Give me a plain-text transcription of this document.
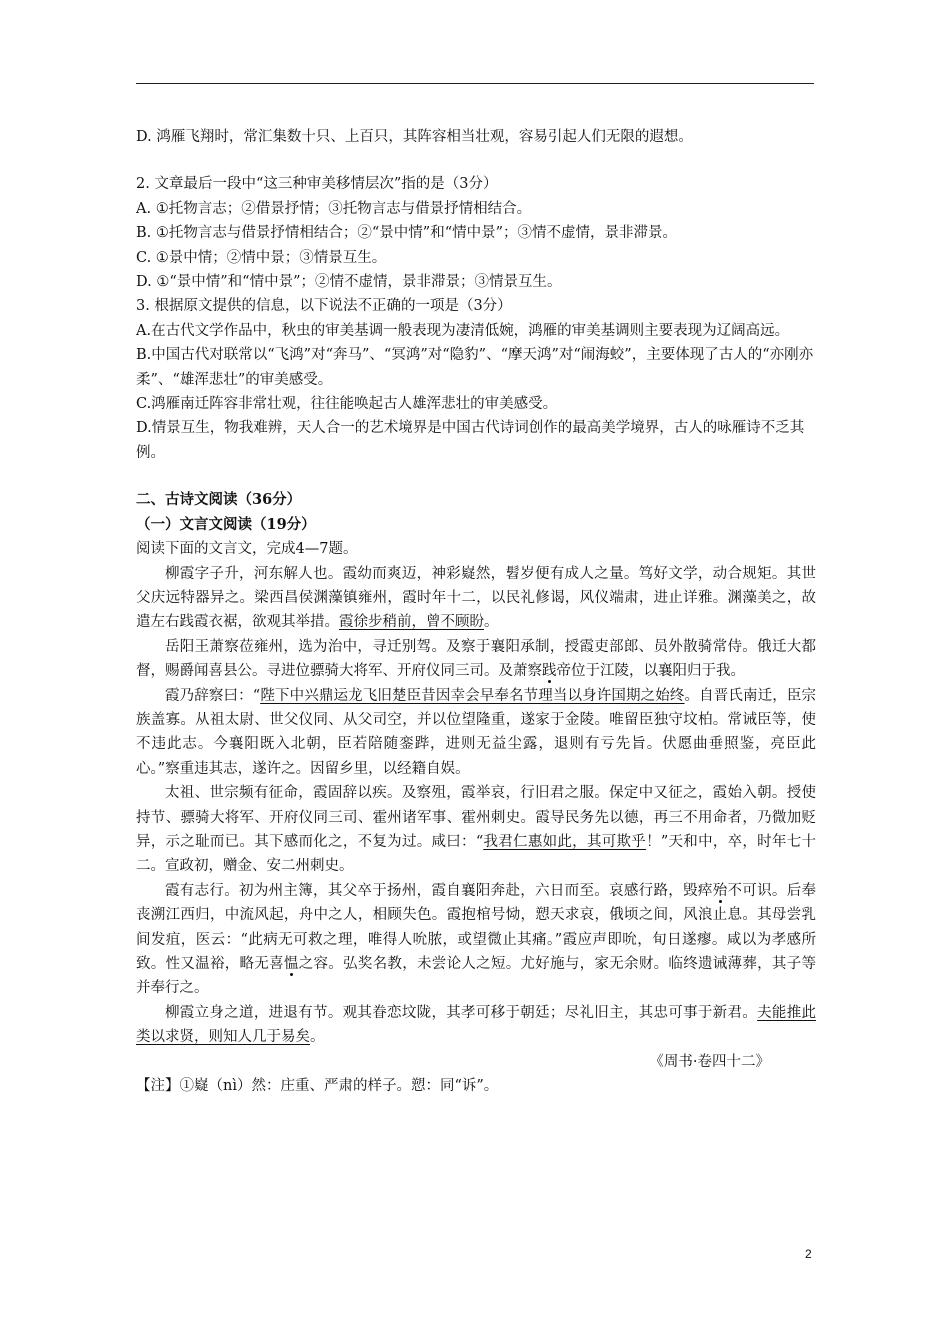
D. 鸿雁飞翔时，常汇集数十只、上百只，其阵容相当壮观，容易引起人们无限的遐想。

2. 文章最后一段中“这三种审美移情层次”指的是（3分）

A. ①托物言志；②借景抒情；③托物言志与借景抒情相结合。

B. ①托物言志与借景抒情相结合；②“景中情”和“情中景”；③情不虚情，景非滞景。

C. ①景中情；②情中景；③情景互生。

D. ①“景中情”和“情中景”；②情不虚情，景非滞景；③情景互生。

3. 根据原文提供的信息，以下说法不正确的一项是（3分）

A.在古代文学作品中，秋虫的审美基调一般表现为凄清低婉，鸿雁的审美基调则主要表现为辽阔高远。

B.中国古代对联常以“飞鸿”对“奔马”、“冥鸿”对“隐豹”、“摩天鸿”对“闹海蛟”，主要体现了古人的“亦刚亦柔”、“雄浑悲壮”的审美感受。

C.鸿雁南迁阵容非常壮观，往往能唤起古人雄浑悲壮的审美感受。

D.情景互生，物我难辨，天人合一的艺术境界是中国古代诗词创作的最高美学境界，古人的咏雁诗不乏其例。

二、古诗文阅读（36分）

（一）文言文阅读（19分）

阅读下面的文言文，完成4—7题。

柳霞字子升，河东解人也。霞幼而爽迈，神彩嶷然，髫岁便有成人之量。笃好文学，动合规矩。其世父庆远特器异之。梁西昌侯渊藻镇雍州，霞时年十二，以民礼修谒，风仪端肃，进止详雅。渊藻美之，故遣左右践霞衣裾，欲观其举措。霞徐步稍前，曾不顾盼。

岳阳王萧察莅雍州，选为治中，寻迁别驾。及察于襄阳承制，授霞吏部郎、员外散骑常侍。俄迁大都督，赐爵闻喜县公。寻进位骠骑大将军、开府仪同三司。及萧察践帝位于江陵，以襄阳归于我。

霞乃辞察曰：“陛下中兴鼎运龙飞旧楚臣昔因幸会早奉名节理当以身许国期之始终。自晋氏南迁，臣宗族盖寡。从祖太尉、世父仪同、从父司空，并以位望隆重，遂家于金陵。唯留臣独守坟柏。常诫臣等，使不违此志。今襄阳既入北朝，臣若陪随銮跸，进则无益尘露，退则有亏先旨。伏愿曲垂照鉴，亮臣此心。”察重违其志，遂许之。因留乡里，以经籍自娱。

太祖、世宗频有征命，霞固辞以疾。及察殂，霞举哀，行旧君之服。保定中又征之，霞始入朝。授使持节、骠骑大将军、开府仪同三司、霍州诸军事、霍州刺史。霞导民务先以德，再三不用命者，乃微加贬异，示之耻而已。其下感而化之，不复为过。咸曰：“我君仁惠如此，其可欺乎！”天和中，卒，时年七十二。宣政初，赠金、安二州刺史。

霞有志行。初为州主簿，其父卒于扬州，霞自襄阳奔赴，六日而至。哀感行路，毁瘁殆不可识。后奉丧溯江西归，中流风起，舟中之人，相顾失色。霞抱棺号恸，愬天求哀，俄顷之间，风浪止息。其母尝乳间发疽，医云：“此病无可救之理，唯得人吮脓，或望微止其痛。”霞应声即吮，旬日遂瘳。咸以为孝感所致。性又温裕，略无喜愠之容。弘奖名教，未尝论人之短。尤好施与，家无余财。临终遗诫薄葬，其子等并奉行之。

柳霞立身之道，进退有节。观其眷恋坟陇，其孝可移于朝廷；尽礼旧主，其忠可事于新君。夫能推此类以求贤，则知人几于易矣。

《周书·卷四十二》

【注】①嶷（nì）然：庄重、严肃的样子。愬：同“诉”。

2
